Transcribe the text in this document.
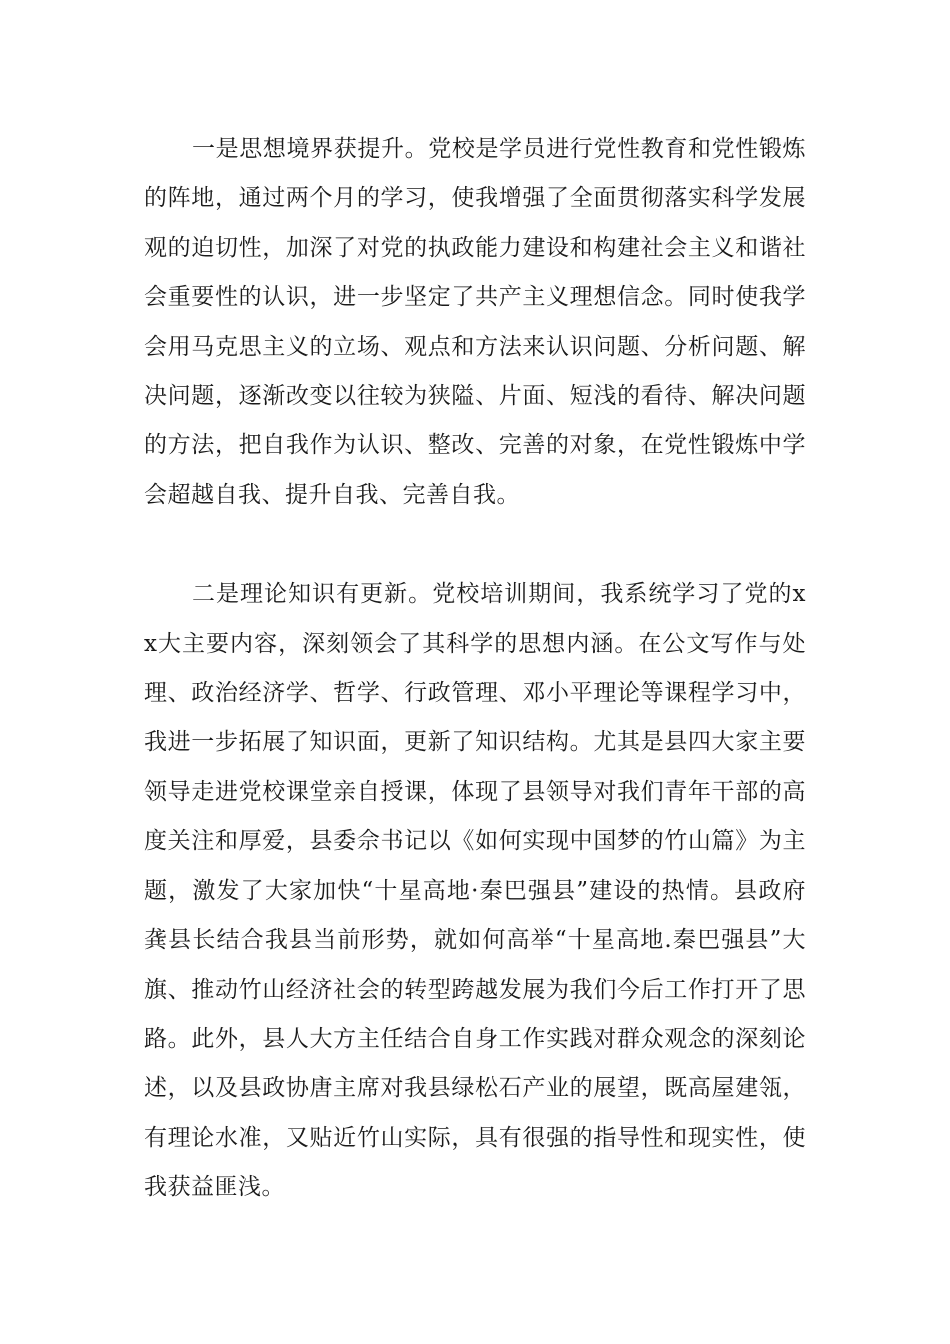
一是思想境界获提升。党校是学员进行党性教育和党性锻炼的阵地，通过两个月的学习，使我增强了全面贯彻落实科学发展观的迫切性，加深了对党的执政能力建设和构建社会主义和谐社会重要性的认识，进一步坚定了共产主义理想信念。同时使我学会用马克思主义的立场、观点和方法来认识问题、分析问题、解决问题，逐渐改变以往较为狭隘、片面、短浅的看待、解决问题的方法，把自我作为认识、整改、完善的对象，在党性锻炼中学会超越自我、提升自我、完善自我。

二是理论知识有更新。党校培训期间，我系统学习了党的xx大主要内容，深刻领会了其科学的思想内涵。在公文写作与处理、政治经济学、哲学、行政管理、邓小平理论等课程学习中，我进一步拓展了知识面，更新了知识结构。尤其是县四大家主要领导走进党校课堂亲自授课，体现了县领导对我们青年干部的高度关注和厚爱，县委佘书记以《如何实现中国梦的竹山篇》为主题，激发了大家加快“十星高地·秦巴强县”建设的热情。县政府龚县长结合我县当前形势，就如何高举“十星高地.秦巴强县”大旗、推动竹山经济社会的转型跨越发展为我们今后工作打开了思路。此外，县人大方主任结合自身工作实践对群众观念的深刻论述，以及县政协唐主席对我县绿松石产业的展望，既高屋建瓴，有理论水准，又贴近竹山实际，具有很强的指导性和现实性，使我获益匪浅。
